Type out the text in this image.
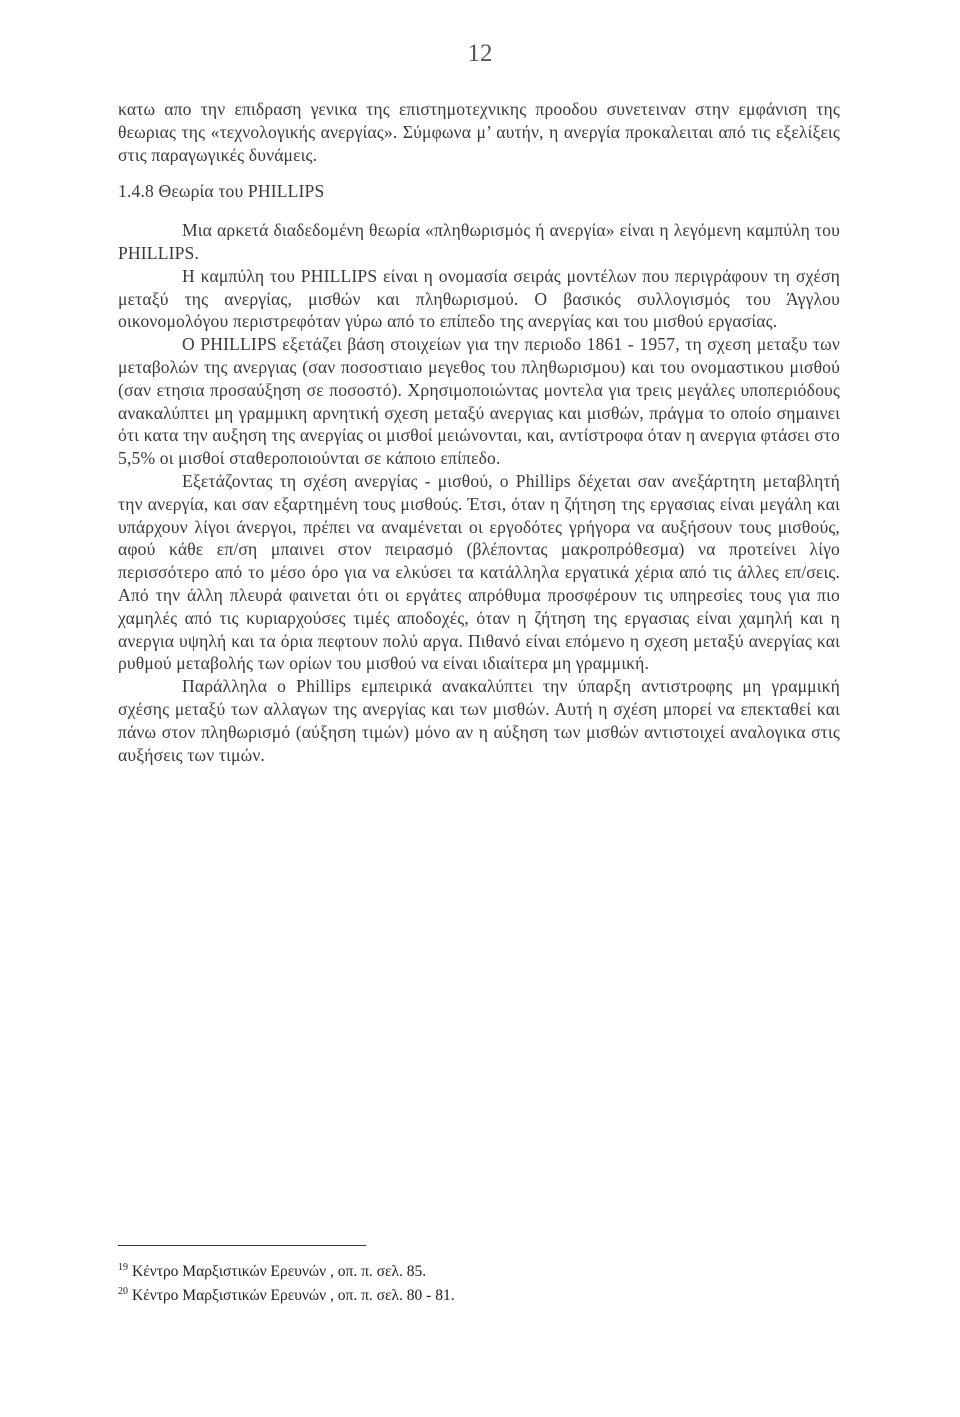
12

κατω απο την επιδραση γενικα της επιστημοτεχνικης προοδου συνετειναν στην εμφάνιση της θεωριας της «τεχνολογικής ανεργίας». Σύμφωνα μ’ αυτήν, η ανεργία προκαλειται από τις εξελίξεις στις παραγωγικές δυνάμεις.

1.4.8 Θεωρία του PHILLIPS

Μια αρκετά διαδεδομένη θεωρία «πληθωρισμός ή ανεργία» είναι η λεγόμενη καμπύλη του PHILLIPS.

Η καμπύλη του PHILLIPS είναι η ονομασία σειράς μοντέλων που περιγράφουν τη σχέση μεταξύ της ανεργίας, μισθών και πληθωρισμού. Ο βασικός συλλογισμός του Άγγλου οικονομολόγου περιστρεφόταν γύρω από το επίπεδο της ανεργίας και του μισθού εργασίας.

Ο PHILLIPS εξετάζει βάση στοιχείων για την περιοδο 1861 - 1957, τη σχεση μεταξυ των μεταβολών της ανεργιας (σαν ποσοστιαιο μεγεθος του πληθωρισμου) και του ονομαστικου μισθού (σαν ετησια προσαύξηση σε ποσοστό). Χρησιμοποιώντας μοντελα για τρεις μεγάλες υποπεριόδους ανακαλύπτει μη γραμμικη αρνητική σχεση μεταξύ ανεργιας και μισθών, πράγμα το οποίο σημαινει ότι κατα την αυξηση της ανεργίας οι μισθοί μειώνονται, και, αντίστροφα όταν η ανεργια φτάσει στο 5,5% οι μισθοί σταθεροποιούνται σε κάποιο επίπεδο.

Εξετάζοντας τη σχέση ανεργίας - μισθού, ο Phillips δέχεται σαν ανεξάρτητη μεταβλητή την ανεργία, και σαν εξαρτημένη τους μισθούς. Έτσι, όταν η ζήτηση της εργασιας είναι μεγάλη και υπάρχουν λίγοι άνεργοι, πρέπει να αναμένεται οι εργοδότες γρήγορα να αυξήσουν τους μισθούς, αφού κάθε επ/ση μπαινει στον πειρασμό (βλέποντας μακροπρόθεσμα) να προτείνει λίγο περισσότερο από το μέσο όρο για να ελκύσει τα κατάλληλα εργατικά χέρια από τις άλλες επ/σεις. Από την άλλη πλευρά φαινεται ότι οι εργάτες απρόθυμα προσφέρουν τις υπηρεσίες τους για πιο χαμηλές από τις κυριαρχούσες τιμές αποδοχές, όταν η ζήτηση της εργασιας είναι χαμηλή και η ανεργια υψηλή και τα όρια πεφτουν πολύ αργα. Πιθανό είναι επόμενο η σχεση μεταξύ ανεργίας και ρυθμού μεταβολής των ορίων του μισθού να είναι ιδιαίτερα μη γραμμική.

Παράλληλα ο Phillips εμπειρικά ανακαλύπτει την ύπαρξη αντιστροφης μη γραμμική σχέσης μεταξύ των αλλαγων της ανεργίας και των μισθών. Αυτή η σχέση μπορεί να επεκταθεί και πάνω στον πληθωρισμό (αύξηση τιμών) μόνο αν η αύξηση των μισθών αντιστοιχεί αναλογικα στις αυξήσεις των τιμών.

$^{19}$ Κέντρο Μαρξιστικών Ερευνών , οπ. π. σελ. 85.

$^{20}$ Κέντρο Μαρξιστικών Ερευνών , οπ. π. σελ. 80 - 81.
